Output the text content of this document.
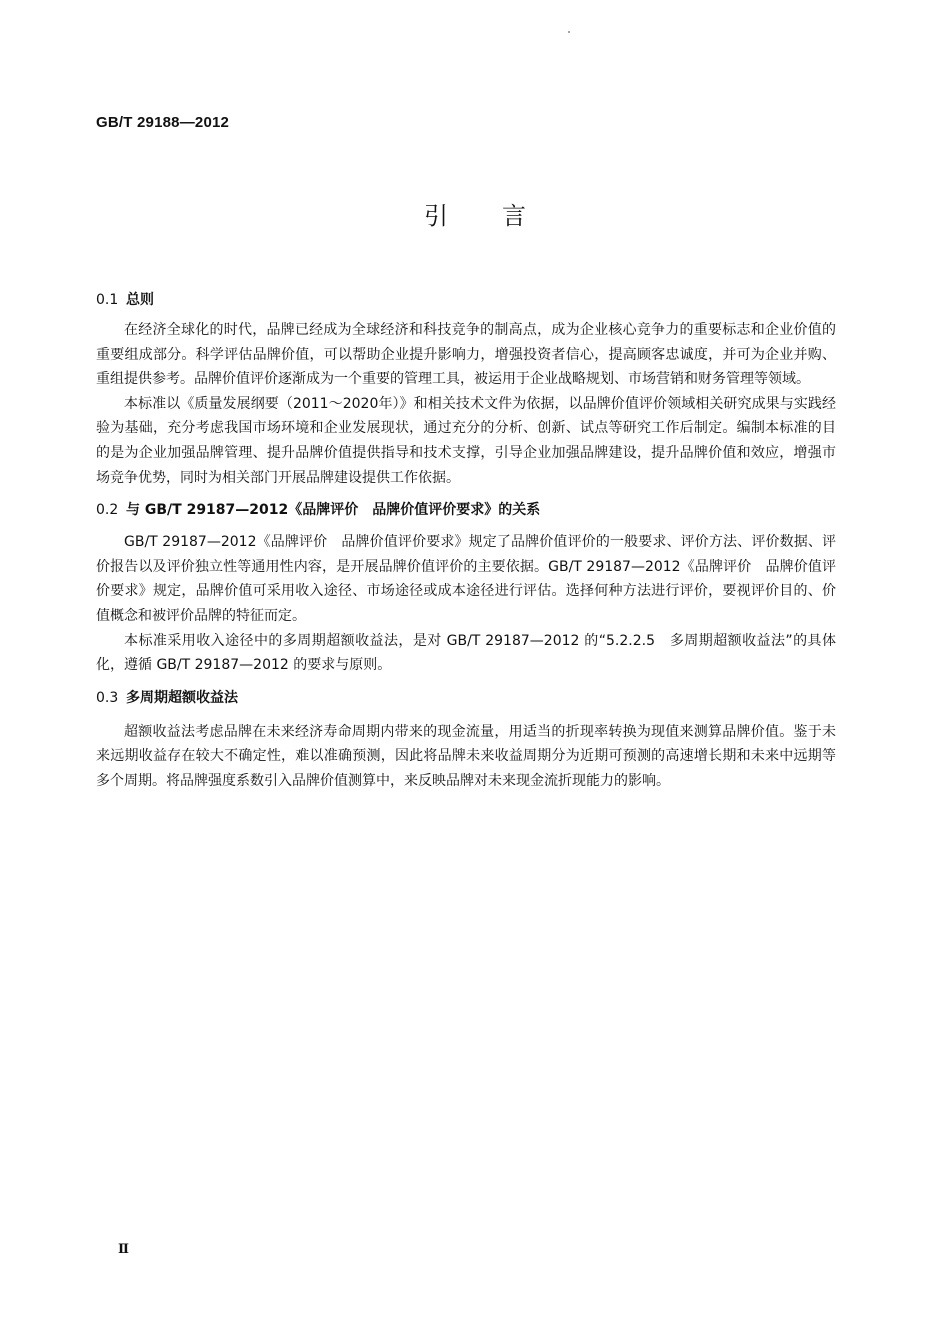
GB/T 29188—2012
引言

0.1 总则

在经济全球化的时代，品牌已经成为全球经济和科技竞争的制高点，成为企业核心竞争力的重要标志和企业价值的重要组成部分。科学评估品牌价值，可以帮助企业提升影响力，增强投资者信心，提高顾客忠诚度，并可为企业并购、重组提供参考。品牌价值评价逐渐成为一个重要的管理工具，被运用于企业战略规划、市场营销和财务管理等领域。

本标准以《质量发展纲要（2011～2020年）》和相关技术文件为依据，以品牌价值评价领域相关研究成果与实践经验为基础，充分考虑我国市场环境和企业发展现状，通过充分的分析、创新、试点等研究工作后制定。编制本标准的目的是为企业加强品牌管理、提升品牌价值提供指导和技术支撑，引导企业加强品牌建设，提升品牌价值和效应，增强市场竞争优势，同时为相关部门开展品牌建设提供工作依据。

0.2 与 GB/T 29187—2012《品牌评价　品牌价值评价要求》的关系

GB/T 29187—2012《品牌评价　品牌价值评价要求》规定了品牌价值评价的一般要求、评价方法、评价数据、评价报告以及评价独立性等通用性内容，是开展品牌价值评价的主要依据。GB/T 29187—2012《品牌评价　品牌价值评价要求》规定，品牌价值可采用收入途径、市场途径或成本途径进行评估。选择何种方法进行评价，要视评价目的、价值概念和被评价品牌的特征而定。

本标准采用收入途径中的多周期超额收益法，是对 GB/T 29187—2012 的“5.2.2.5　多周期超额收益法”的具体化，遵循 GB/T 29187—2012 的要求与原则。

0.3 多周期超额收益法

超额收益法考虑品牌在未来经济寿命周期内带来的现金流量，用适当的折现率转换为现值来测算品牌价值。鉴于未来远期收益存在较大不确定性，难以准确预测，因此将品牌未来收益周期分为近期可预测的高速增长期和未来中远期等多个周期。将品牌强度系数引入品牌价值测算中，来反映品牌对未来现金流折现能力的影响。

Ⅱ
